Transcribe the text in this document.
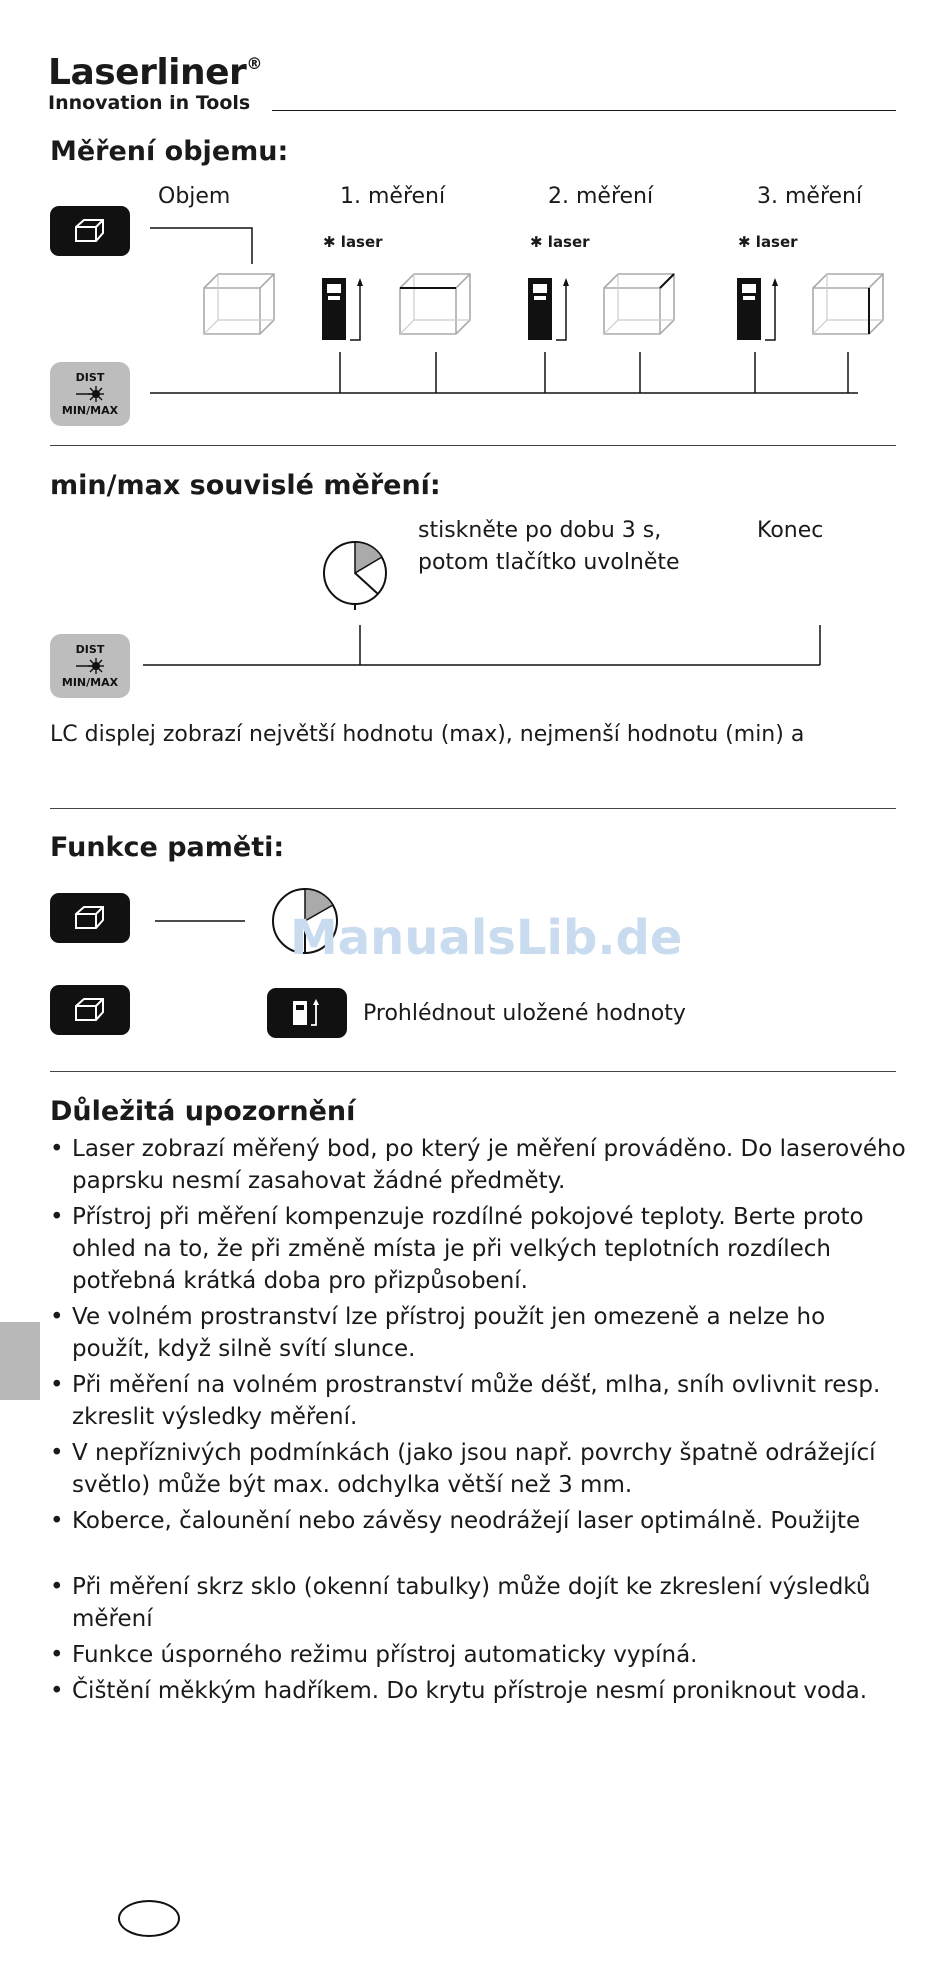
Laserliner®
Innovation in Tools
Měření objemu:
Objem	1. měření	2. měření	3. měření
✱ laser	✱ laser	✱ laser
DIST
MIN/MAX
min/max souvislé měření:
stiskněte po dobu 3 s,
potom tlačítko uvolněte
Konec
DIST
MIN/MAX
LC displej zobrazí největší hodnotu (max), nejmenší hodnotu (min) a
Funkce paměti:
ManualsLib.de
Prohlédnout uložené hodnoty
Důležitá upozornění

• Laser zobrazí měřený bod, po který je měření prováděno. Do laserového paprsku nesmí zasahovat žádné předměty.

• Přístroj při měření kompenzuje rozdílné pokojové teploty. Berte proto ohled na to, že při změně místa je při velkých teplotních rozdílech potřebná krátká doba pro přizpůsobení.

• Ve volném prostranství lze přístroj použít jen omezeně a nelze ho použít, když silně svítí slunce.

• Při měření na volném prostranství může déšť, mlha, sníh ovlivnit resp. zkreslit výsledky měření.

• V nepříznivých podmínkách (jako jsou např. povrchy špatně odrážející světlo) může být max. odchylka větší než 3 mm.

• Koberce, čalounění nebo závěsy neodrážejí laser optimálně. Použijte

• Při měření skrz sklo (okenní tabulky) může dojít ke zkreslení výsledků měření

• Funkce úsporného režimu přístroj automaticky vypíná.

• Čištění měkkým hadříkem. Do krytu přístroje nesmí proniknout voda.
